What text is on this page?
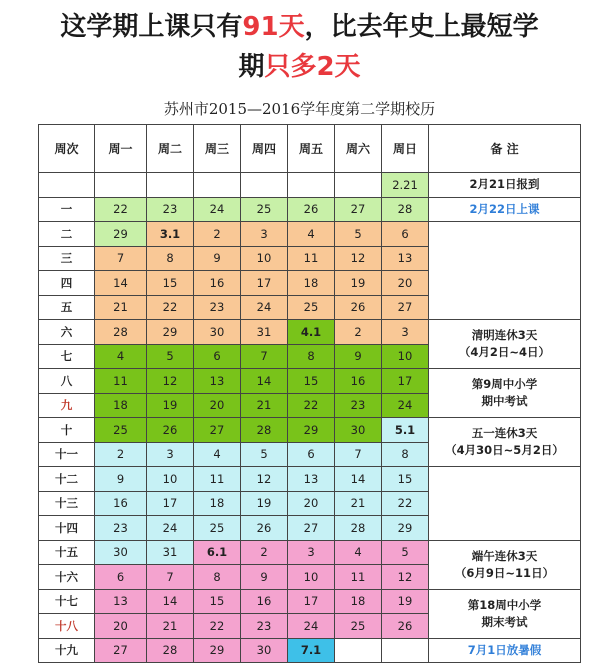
这学期上课只有91天，比去年史上最短学
期只多2天
苏州市2015—2016学年度第二学期校历
周次	周一	周二	周三	周四	周五	周六	周日	备 注
							2.21	2月21日报到

一	22	23	24	25	26	27	28	2月22日上课

二	29	3.1	2	3	4	5	6	
三	7	8	9	10	11	12	13	
四	14	15	16	17	18	19	20	
五	21	22	23	24	25	26	27	
六	28	29	30	31	4.1	2	3	清明连休3天
（4月2日~4日）

七	4	5	6	7	8	9	10	
八	11	12	13	14	15	16	17	第9周中小学
期中考试

九	18	19	20	21	22	23	24	
十	25	26	27	28	29	30	5.1	五一连休3天
（4月30日~5月2日）

十一	2	3	4	5	6	7	8	
十二	9	10	11	12	13	14	15	
十三	16	17	18	19	20	21	22	
十四	23	24	25	26	27	28	29	
十五	30	31	6.1	2	3	4	5	端午连休3天
（6月9日~11日）

十六	6	7	8	9	10	11	12	
十七	13	14	15	16	17	18	19	第18周中小学
期末考试

十八	20	21	22	23	24	25	26	
十九	27	28	29	30	7.1			7月1日放暑假
